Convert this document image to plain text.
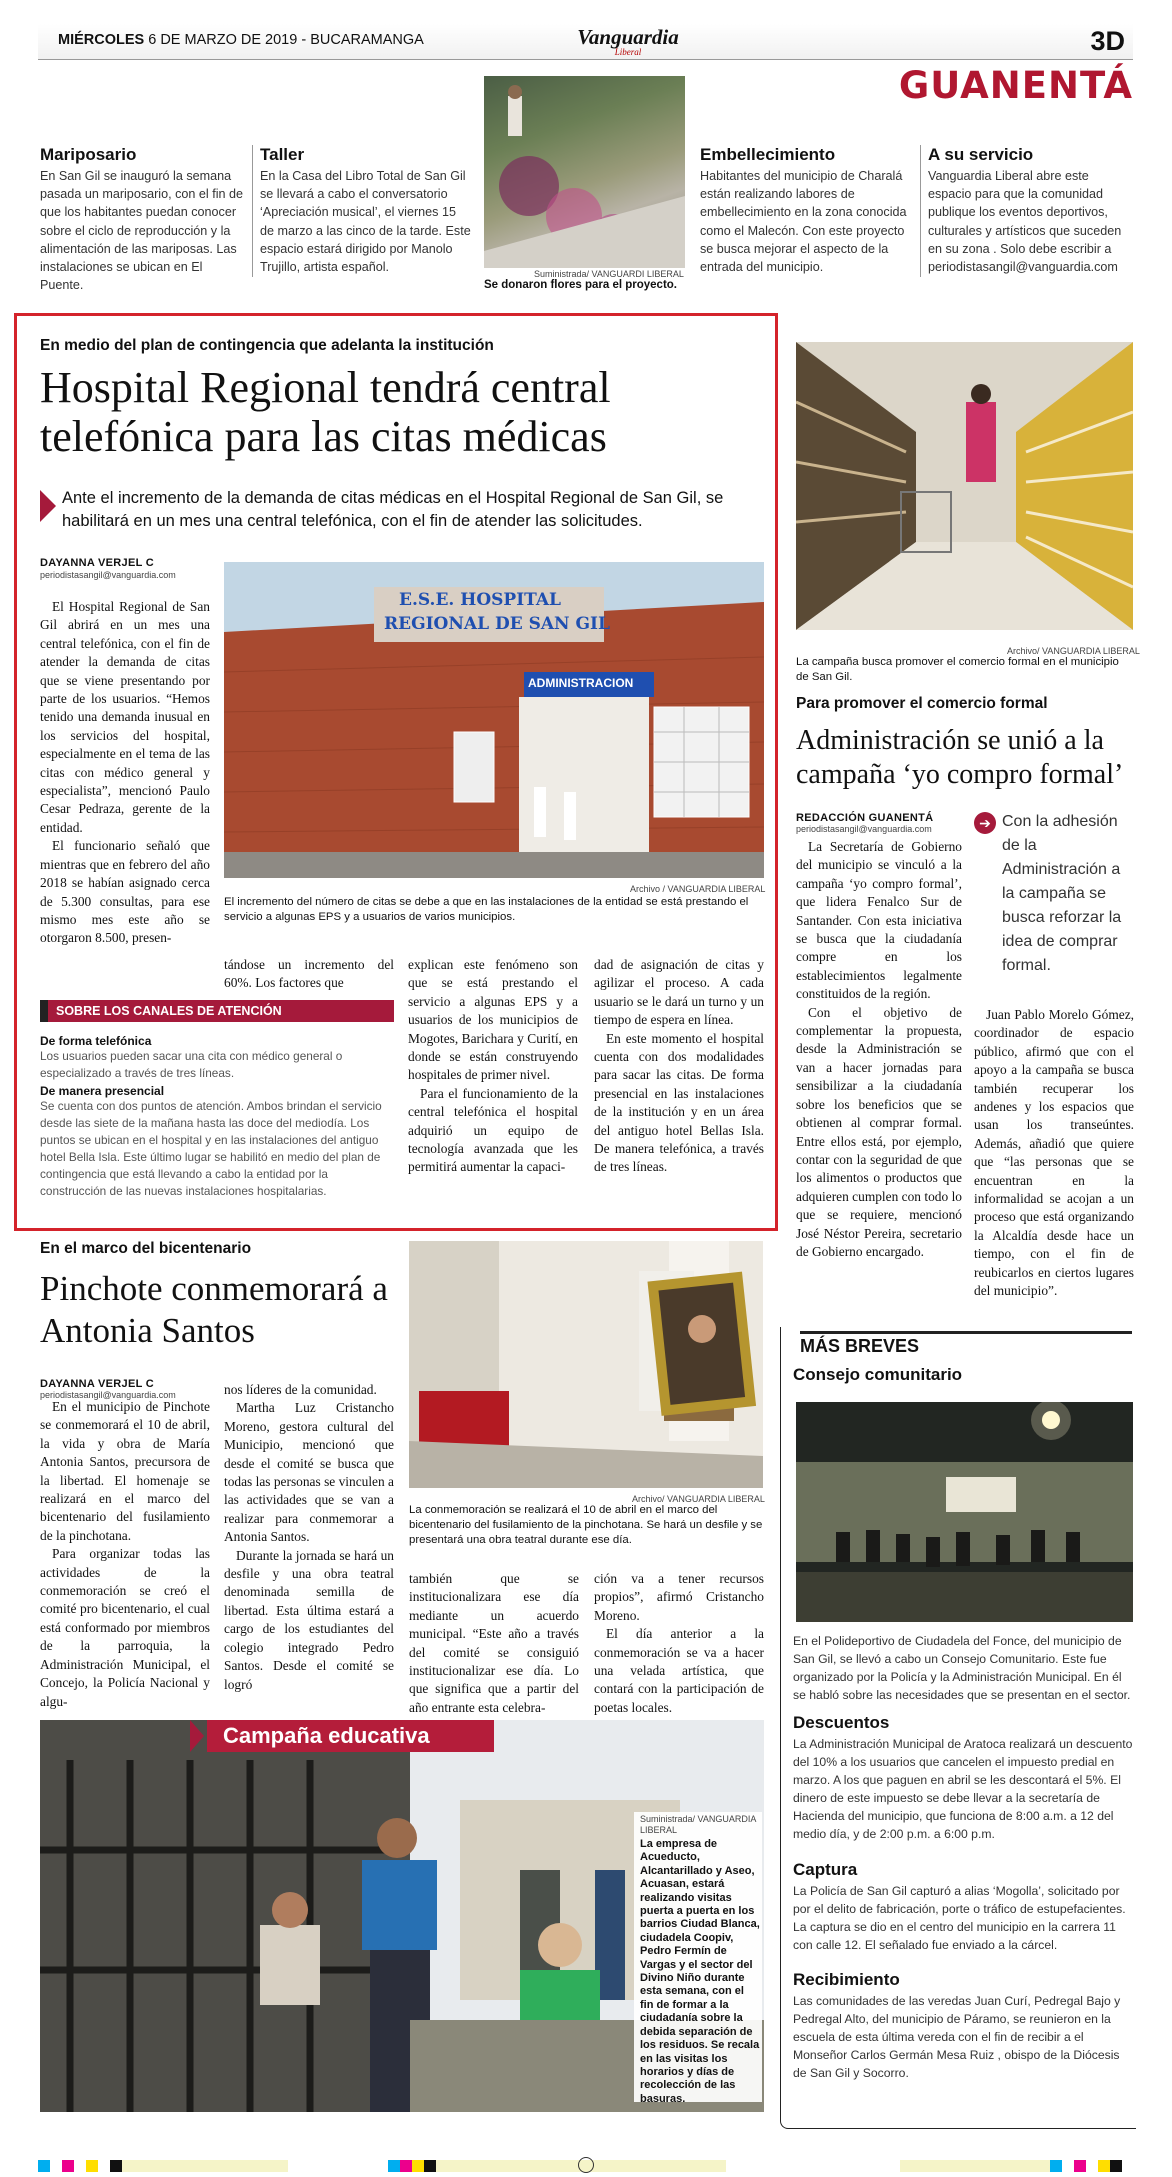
MIÉRCOLES 6 DE MARZO DE 2019 - BUCARAMANGA	Vanguardia
Liberal	3D
GUANENTÁ
Mariposario
En San Gil se inauguró la semana pasada un mariposario, con el fin de que los habitantes puedan conocer sobre el ciclo de reproducción y la alimentación de las mariposas. Las instalaciones se ubican en El Puente.
Taller
En la Casa del Libro Total de San Gil se llevará a cabo el conversatorio ‘Apreciación musical’, el viernes 15 de marzo a las cinco de la tarde. Este espacio estará dirigido por Manolo Trujillo, artista español.	Suministrada/ VANGUARDI LIBERAL
Se donaron flores para el proyecto.
Embellecimiento
Habitantes del municipio de Charalá están realizando labores de embellecimiento en la zona conocida como el Malecón. Con este proyecto se busca mejorar el aspecto de la entrada del municipio.
A su servicio
Vanguardia Liberal abre este espacio para que la comunidad publique los eventos deportivos, culturales y artísticos que suceden en su zona . Solo debe escribir a periodistasangil@vanguardia.com
En medio del plan de contingencia que adelanta la institución
Hospital Regional tendrá central telefónica para las citas médicas
Ante el incremento de la demanda de citas médicas en el Hospital Regional de San Gil, se habilitará en un mes una central telefónica, con el fin de atender las solicitudes.
DAYANNA VERJEL C
periodistasangil@vanguardia.com
El Hospital Regional de San Gil abrirá en un mes una central telefónica, con el fin de atender la demanda de citas que se viene presentando por parte de los usuarios. “Hemos tenido una demanda inusual en los servicios del hospital, especialmente en el tema de las citas con médico general y especialista”, mencionó Paulo Cesar Pedraza, gerente de la entidad.
El funcionario señaló que mientras que en febrero del año 2018 se habían asignado cerca de 5.300 consultas, para ese mismo mes este año se otorgaron 8.500, presen-
E.S.E. HOSPITAL
REGIONAL DE SAN GIL
ADMINISTRACION
Archivo / VANGUARDIA LIBERAL
El incremento del número de citas se debe a que en las instalaciones de la entidad se está prestando el servicio a algunas EPS y a usuarios de varios municipios.
tándose un incremento del 60%. Los factores que
explican este fenómeno son que se está prestando el servicio a algunas EPS y a usuarios de los municipios de Mogotes, Barichara y Curití, en donde se están construyendo hospitales de primer nivel.
Para el funcionamiento de la central telefónica el hospital adquirió un equipo de tecnología avanzada que les permitirá aumentar la capaci-
dad de asignación de citas y agilizar el proceso. A cada usuario se le dará un turno y un tiempo de espera en línea.
En este momento el hospital cuenta con dos modalidades para sacar las citas. De forma presencial en las instalaciones de la institución y en un área del antiguo hotel Bellas Isla. De manera telefónica, a través de tres líneas.
SOBRE LOS CANALES DE ATENCIÓN
De forma telefónica
Los usuarios pueden sacar una cita con médico general o especializado a través de tres líneas.
De manera presencial
Se cuenta con dos puntos de atención. Ambos brindan el servicio desde las siete de la mañana hasta las doce del mediodía. Los puntos se ubican en el hospital y en las instalaciones del antiguo hotel Bella Isla. Este último lugar se habilitó en medio del plan de contingencia que está llevando a cabo la entidad por la construcción de las nuevas instalaciones hospitalarias.
Archivo/ VANGUARDIA LIBERAL
La campaña busca promover el comercio formal en el municipio de San Gil.
Para promover el comercio formal
Administración se unió a la campaña ‘yo compro formal’
REDACCIÓN GUANENTÁ
periodistasangil@vanguardia.com
La Secretaría de Gobierno del municipio se vinculó a la campaña ‘yo compro formal’, que lidera Fenalco Sur de Santander. Con esta iniciativa se busca que la ciudadanía compre en los establecimientos legalmente constituidos de la región.
Con el objetivo de complementar la propuesta, desde la Administración se van a hacer jornadas para sensibilizar a la ciudadanía sobre los beneficios que se obtienen al comprar formal. Entre ellos está, por ejemplo, contar con la seguridad de que los alimentos o productos que adquieren cumplen con todo lo que se requiere, mencionó José Néstor Pereira, secretario de Gobierno encargado.
➔ Con la adhesión de la Administración a la campaña se busca reforzar la idea de comprar formal.
Juan Pablo Morelo Gómez, coordinador de espacio público, afirmó que con el apoyo a la campaña se busca también recuperar los andenes y los espacios que usan los transeúntes. Además, añadió que quiere que “las personas que se encuentran en la informalidad se acojan a un proceso que está organizando la Alcaldía desde hace un tiempo, con el fin de reubicarlos en ciertos lugares del municipio”.
MÁS BREVES
Consejo comunitario
En el Polideportivo de Ciudadela del Fonce, del municipio de San Gil, se llevó a cabo un Consejo Comunitario. Este fue organizado por la Policía y la Administración Municipal. En él se habló sobre las necesidades que se presentan en el sector.
Descuentos
La Administración Municipal de Aratoca realizará un descuento del 10% a los usuarios que cancelen el impuesto predial en marzo. A los que paguen en abril se les descontará el 5%. El dinero de este impuesto se debe llevar a la secretaría de Hacienda del municipio, que funciona de 8:00 a.m. a 12 del medio día, y de 2:00 p.m. a 6:00 p.m.
Captura
La Policía de San Gil capturó a alias ‘Mogolla’, solicitado por por el delito de fabricación, porte o tráfico de estupefacientes. La captura se dio en el centro del municipio en la carrera 11 con calle 12. El señalado fue enviado a la cárcel.
Recibimiento
Las comunidades de las veredas Juan Curí, Pedregal Bajo y Pedregal Alto, del municipio de Páramo, se reunieron en la escuela de esta última vereda con el fin de recibir a el Monseñor Carlos Germán Mesa Ruiz , obispo de la Diócesis de San Gil y Socorro.
En el marco del bicentenario
Pinchote conmemorará a Antonia Santos
DAYANNA VERJEL C
periodistasangil@vanguardia.com
En el municipio de Pinchote se conmemorará el 10 de abril, la vida y obra de María Antonia Santos, precursora de la libertad. El homenaje se realizará en el marco del bicentenario del fusilamiento de la pinchotana.
Para organizar todas las actividades de la conmemoración se creó el comité pro bicentenario, el cual está conformado por miembros de la parroquia, la Administración Municipal, el Concejo, la Policía Nacional y algu-
nos líderes de la comunidad.
Martha Luz Cristancho Moreno, gestora cultural del Municipio, mencionó que desde el comité se busca que todas las personas se vinculen a las actividades que se van a realizar para conmemorar a Antonia Santos.
Durante la jornada se hará un desfile y una obra teatral denominada semilla de libertad. Esta última estará a cargo de los estudiantes del colegio integrado Pedro Santos. Desde el comité se logró
Archivo/ VANGUARDIA LIBERAL
La conmemoración se realizará el 10 de abril en el marco del bicentenario del fusilamiento de la pinchotana. Se hará un desfile y se presentará una obra teatral durante ese día.
también que se institucionalizara ese día mediante un acuerdo municipal. “Este año a través del comité se consiguió institucionalizar ese día. Lo que significa que a partir del año entrante esta celebra-
ción va a tener recursos propios”, afirmó Cristancho Moreno.
El día anterior a la conmemoración se va a hacer una velada artística, que contará con la participación de poetas locales.
Campaña educativa
Suministrada/ VANGUARDIA LIBERAL
La empresa de Acueducto, Alcantarillado y Aseo, Acuasan, estará realizando visitas puerta a puerta en los barrios Ciudad Blanca, ciudadela Coopiv, Pedro Fermín de Vargas y el sector del Divino Niño durante esta semana, con el fin de formar a la ciudadanía sobre la debida separación de los residuos. Se recala en las visitas los horarios y días de recolección de las basuras.
